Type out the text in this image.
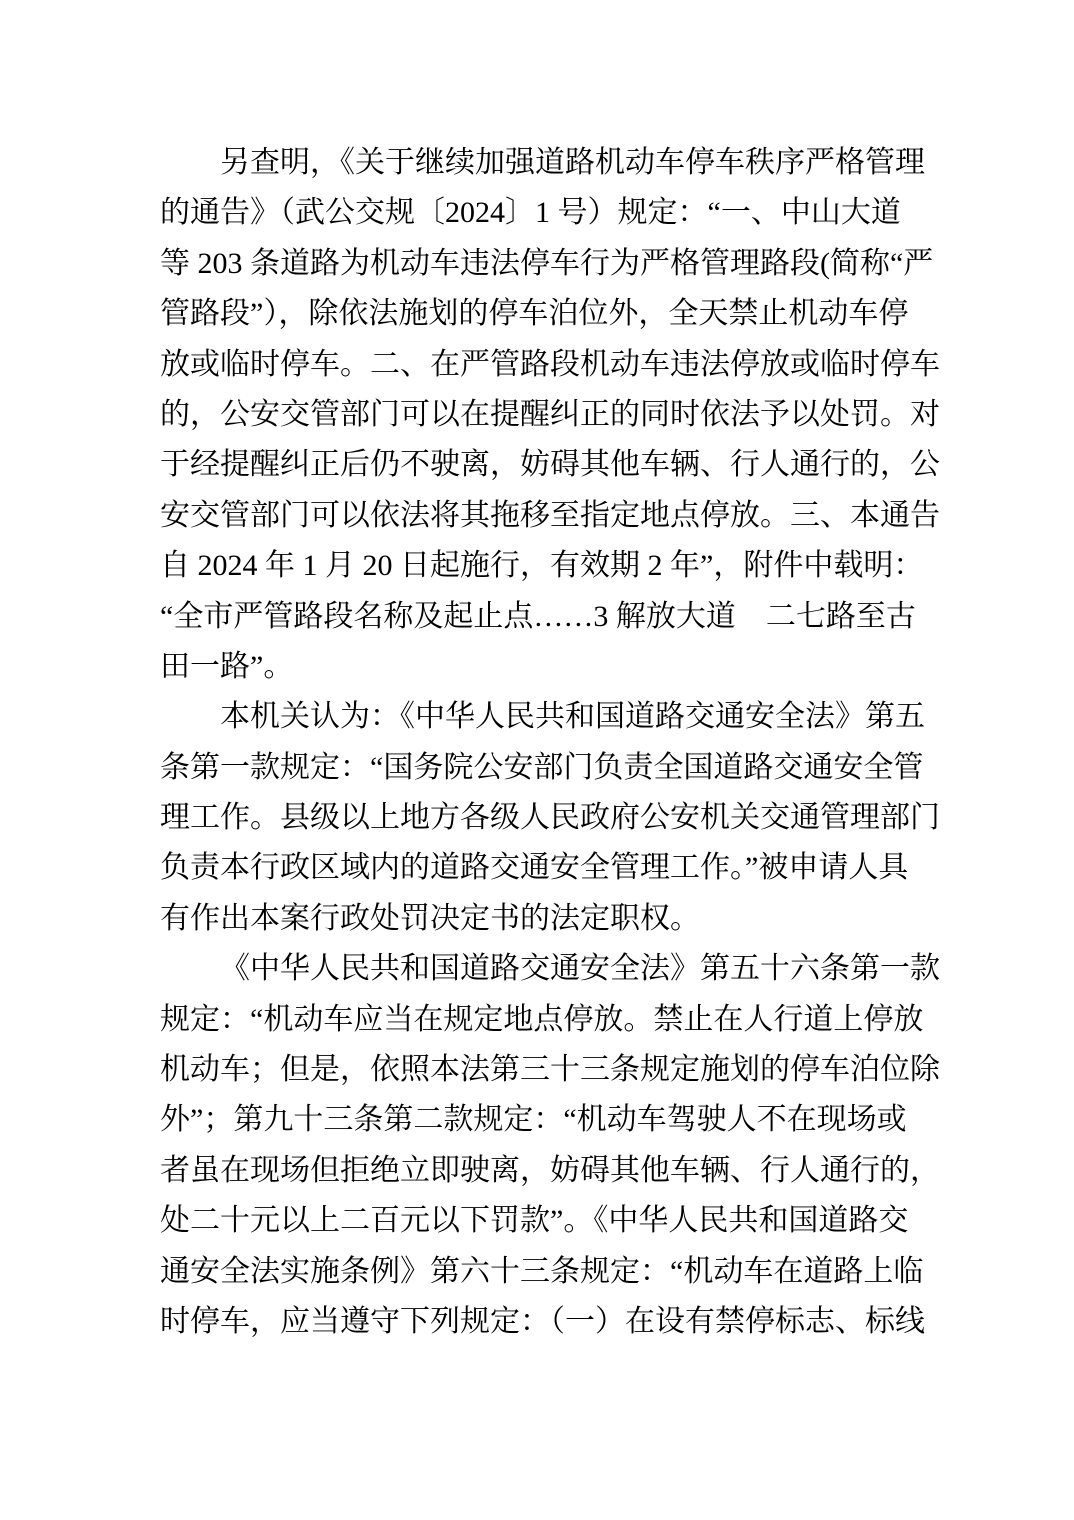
另查明，《关于继续加强道路机动车停车秩序严格管理
的通告》（武公交规〔2024〕1 号）规定：“一、中山大道
等 203 条道路为机动车违法停车行为严格管理路段(简称“严
管路段”），除依法施划的停车泊位外，全天禁止机动车停
放或临时停车。二、在严管路段机动车违法停放或临时停车
的，公安交管部门可以在提醒纠正的同时依法予以处罚。对
于经提醒纠正后仍不驶离，妨碍其他车辆、行人通行的，公
安交管部门可以依法将其拖移至指定地点停放。三、本通告
自 2024 年 1 月 20 日起施行，有效期 2 年”，附件中载明：
“全市严管路段名称及起止点……3 解放大道　二七路至古
田一路”。
本机关认为：《中华人民共和国道路交通安全法》第五
条第一款规定：“国务院公安部门负责全国道路交通安全管
理工作。县级以上地方各级人民政府公安机关交通管理部门
负责本行政区域内的道路交通安全管理工作。”被申请人具
有作出本案行政处罚决定书的法定职权。
《中华人民共和国道路交通安全法》第五十六条第一款
规定：“机动车应当在规定地点停放。禁止在人行道上停放
机动车；但是，依照本法第三十三条规定施划的停车泊位除
外”；第九十三条第二款规定：“机动车驾驶人不在现场或
者虽在现场但拒绝立即驶离，妨碍其他车辆、行人通行的，
处二十元以上二百元以下罚款”。《中华人民共和国道路交
通安全法实施条例》第六十三条规定：“机动车在道路上临
时停车，应当遵守下列规定：（一）在设有禁停标志、标线
